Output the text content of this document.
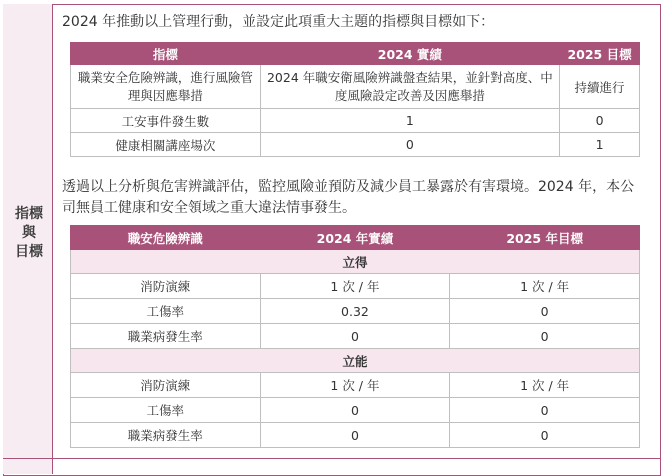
指標
與
目標
2024 年推動以上管理行動，並設定此項重大主題的指標與目標如下：
指標	2024 實績	2025 目標
職業安全危險辨識，進行風險管理與因應舉措	2024 年職安衛風險辨識盤查結果，並針對高度、中度風險設定改善及因應舉措	持續進行
工安事件發生數	1	0
健康相關講座場次	0	1
透過以上分析與危害辨識評估，監控風險並預防及減少員工暴露於有害環境。2024 年，本公司無員工健康和安全領域之重大違法情事發生。
職安危險辨識	2024 年實績	2025 年目標
立得		
消防演練	1 次 / 年	1 次 / 年
工傷率	0.32	0
職業病發生率	0	0
立能		
消防演練	1 次 / 年	1 次 / 年
工傷率	0	0
職業病發生率	0	0
